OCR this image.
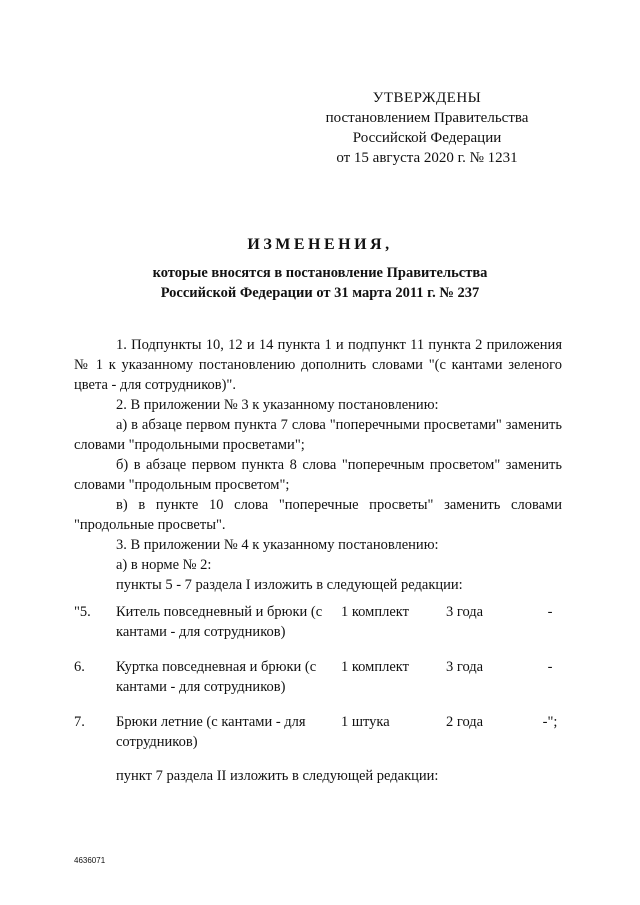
УТВЕРЖДЕНЫ
постановлением Правительства
Российской Федерации
от 15 августа 2020 г. № 1231
ИЗМЕНЕНИЯ,
которые вносятся в постановление Правительства
Российской Федерации от 31 марта 2011 г. № 237

1. Подпункты 10, 12 и 14 пункта 1 и подпункт 11 пункта 2 приложения № 1 к указанному постановлению дополнить словами "(с кантами зеленого цвета - для сотрудников)".

2. В приложении № 3 к указанному постановлению:

а) в абзаце первом пункта 7 слова "поперечными просветами" заменить словами "продольными просветами";

б) в абзаце первом пункта 8 слова "поперечным просветом" заменить словами "продольным просветом";

в) в пункте 10 слова "поперечные просветы" заменить словами "продольные просветы".

3. В приложении № 4 к указанному постановлению:

а) в норме № 2:

пункты 5 - 7 раздела I изложить в следующей редакции:

"5.	Китель повседневный и брюки (с кантами - для сотрудников)	1 комплект	3 года	-
6.	Куртка повседневная и брюки (с кантами - для сотрудников)	1 комплект	3 года	-
7.	Брюки летние (с кантами - для сотрудников)	1 штука	2 года	-";
пункт 7 раздела II изложить в следующей редакции:
4636071
